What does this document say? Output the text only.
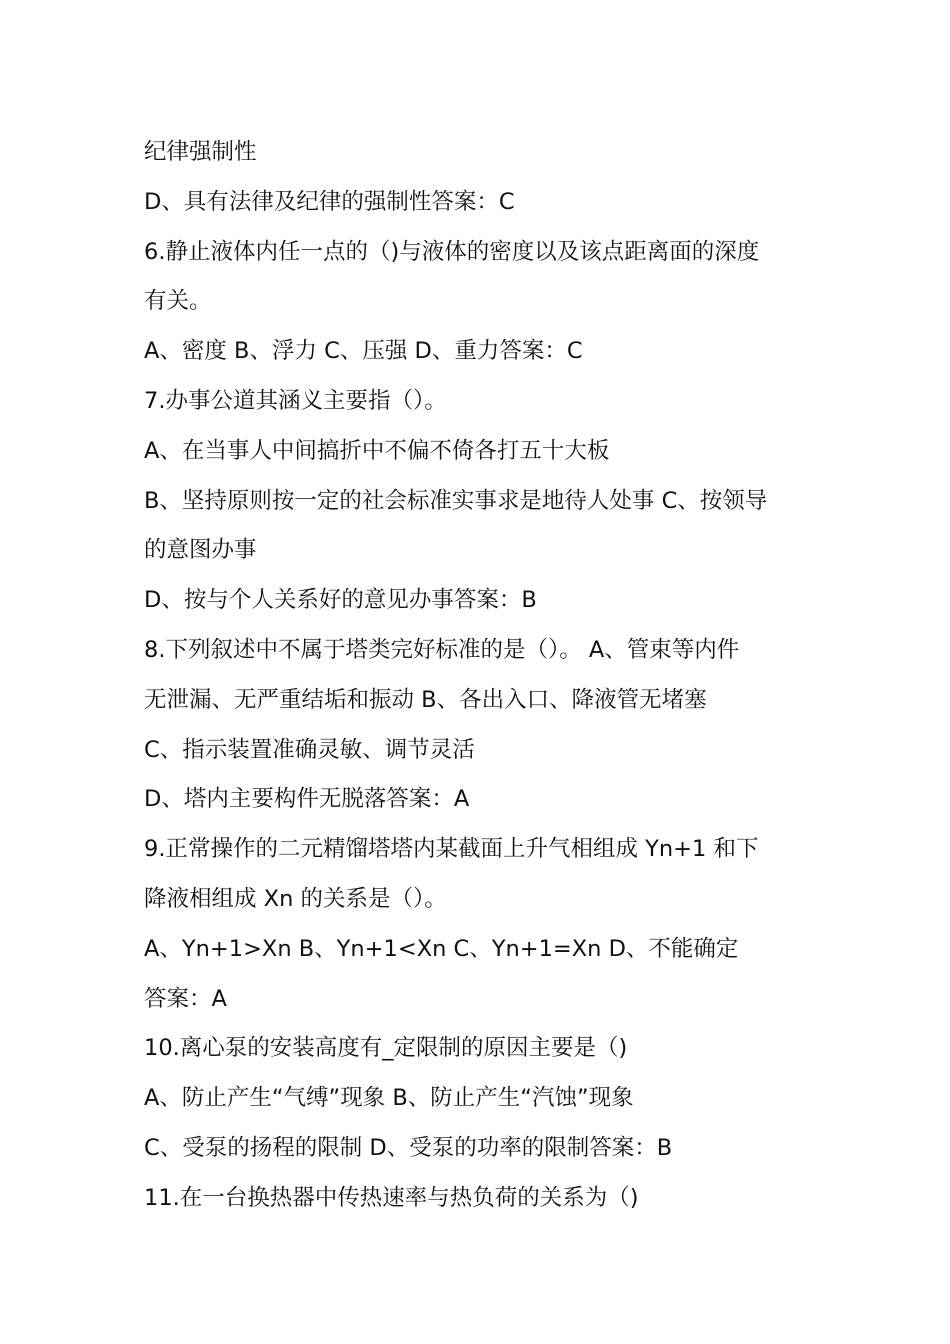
纪律强制性
D、具有法律及纪律的强制性答案：C
6.静止液体内任一点的（)与液体的密度以及该点距离面的深度
有关。
A、密度 B、浮力 C、压强 D、重力答案：C
7.办事公道其涵义主要指（）。
A、在当事人中间搞折中不偏不倚各打五十大板
B、坚持原则按一定的社会标准实事求是地待人处事 C、按领导
的意图办事
D、按与个人关系好的意见办事答案：B
8.下列叙述中不属于塔类完好标准的是（）。 A、管束等内件
无泄漏、无严重结垢和振动 B、各出入口、降液管无堵塞
C、指示装置准确灵敏、调节灵活
D、塔内主要构件无脱落答案：A
9.正常操作的二元精馏塔塔内某截面上升气相组成 Yn+1 和下
降液相组成 Xn 的关系是（）。
A、Yn+1>Xn B、Yn+1<Xn C、Yn+1=Xn D、不能确定
答案：A
10.离心泵的安装高度有_定限制的原因主要是（)
A、防止产生“气缚”现象 B、防止产生“汽蚀”现象
C、受泵的扬程的限制 D、受泵的功率的限制答案：B
11.在一台换热器中传热速率与热负荷的关系为（)
